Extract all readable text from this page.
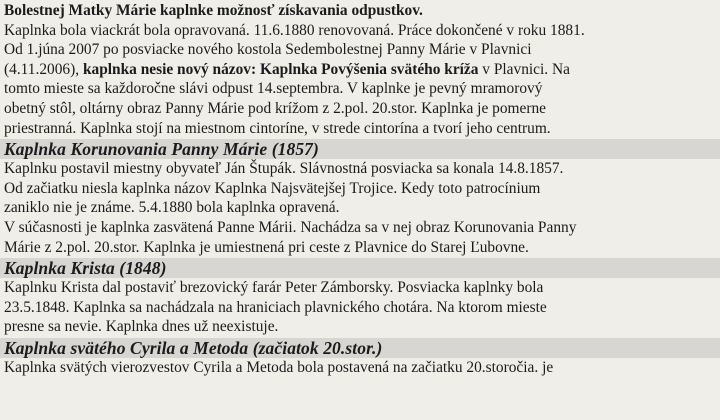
Bolestnej Matky Márie kaplnke možnosť získavania odpustkov.

Kaplnka bola viackrát bola opravovaná. 11.6.1880 renovovaná. Práce dokončené v roku 1881.

Od 1.júna 2007 po posviacke nového kostola Sedembolestnej Panny Márie v Plavnici

(4.11.2006), kaplnka nesie nový názov: Kaplnka Povýšenia svätého kríža v Plavnici. Na

tomto mieste sa každoročne slávi odpust 14.septembra. V kaplnke je pevný mramorový

obetný stôl, oltárny obraz Panny Márie pod krížom z 2.pol. 20.stor. Kaplnka je pomerne

priestranná. Kaplnka stojí na miestnom cintoríne, v strede cintorína a tvorí jeho centrum.

Kaplnka Korunovania Panny Márie (1857)

Kaplnku postavil miestny obyvateľ Ján Štupák. Slávnostná posviacka sa konala 14.8.1857.

Od začiatku niesla kaplnka názov Kaplnka Najsvätejšej Trojice. Kedy toto patrocínium

zaniklo nie je známe. 5.4.1880 bola kaplnka opravená.

V súčasnosti je kaplnka zasvätená Panne Márii. Nachádza sa v nej obraz Korunovania Panny

Márie z 2.pol. 20.stor. Kaplnka je umiestnená pri ceste z Plavnice do Starej Ľubovne.

Kaplnka Krista (1848)

Kaplnku Krista dal postaviť brezovický farár Peter Zámborsky. Posviacka kaplnky bola

23.5.1848. Kaplnka sa nachádzala na hraniciach plavnického chotára. Na ktorom mieste

presne sa nevie. Kaplnka dnes už neexistuje.

Kaplnka svätého Cyrila a Metoda (začiatok 20.stor.)

Kaplnka svätých vierozvestov Cyrila a Metoda bola postavená na začiatku 20.storočia. je
